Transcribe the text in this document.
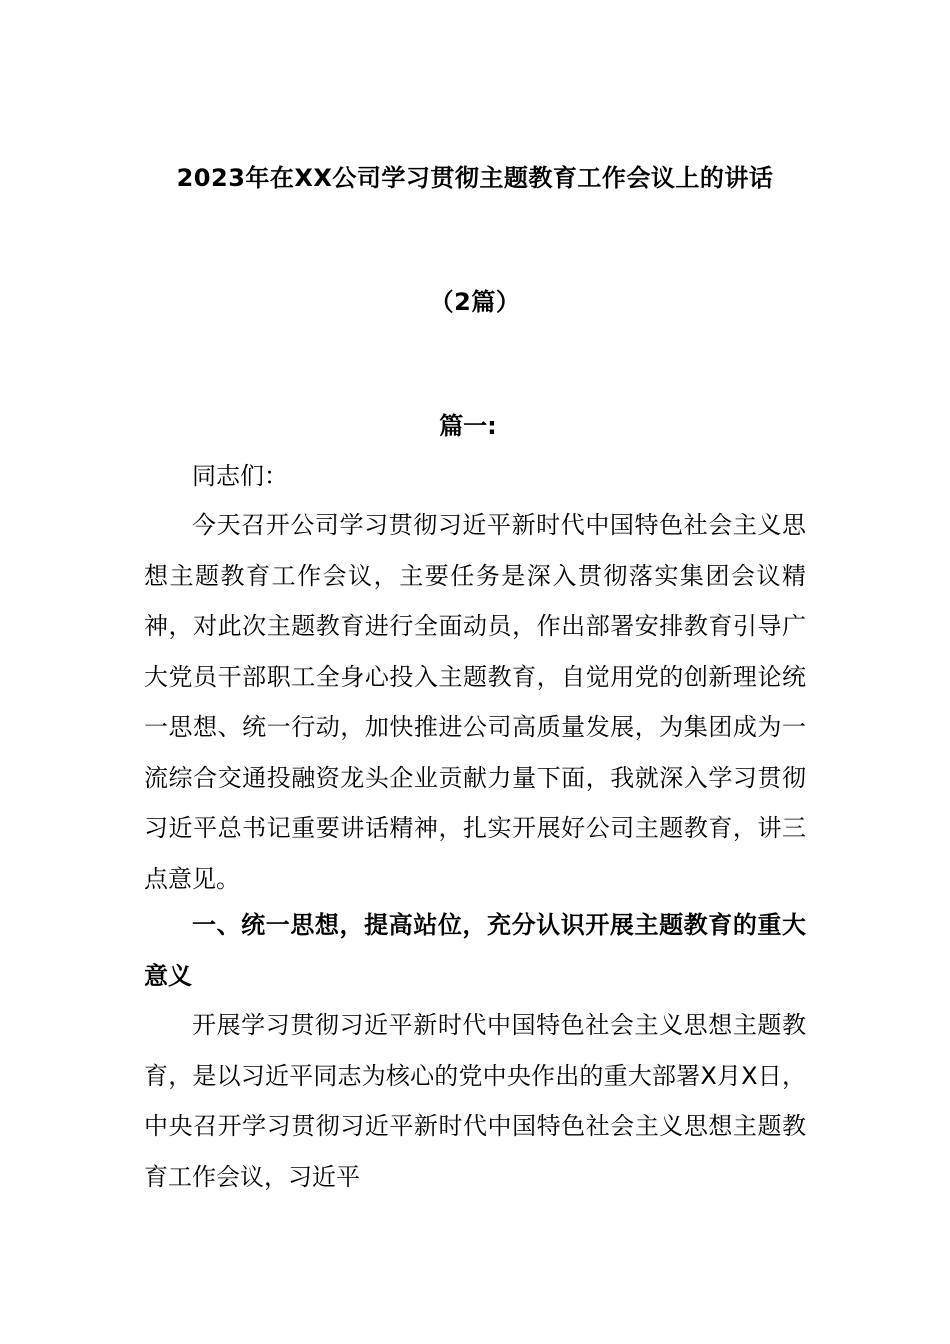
2023年在XX公司学习贯彻主题教育工作会议上的讲话
（2篇）
篇一:

同志们：

今天召开公司学习贯彻习近平新时代中国特色社会主义思想主题教育工作会议，主要任务是深入贯彻落实集团会议精神，对此次主题教育进行全面动员，作出部署安排教育引导广大党员干部职工全身心投入主题教育，自觉用党的创新理论统一思想、统一行动，加快推进公司高质量发展，为集团成为一流综合交通投融资龙头企业贡献力量下面，我就深入学习贯彻习近平总书记重要讲话精神，扎实开展好公司主题教育，讲三点意见。

一、统一思想，提高站位，充分认识开展主题教育的重大意义

开展学习贯彻习近平新时代中国特色社会主义思想主题教育，是以习近平同志为核心的党中央作出的重大部署X月X日，中央召开学习贯彻习近平新时代中国特色社会主义思想主题教育工作会议，习近平
